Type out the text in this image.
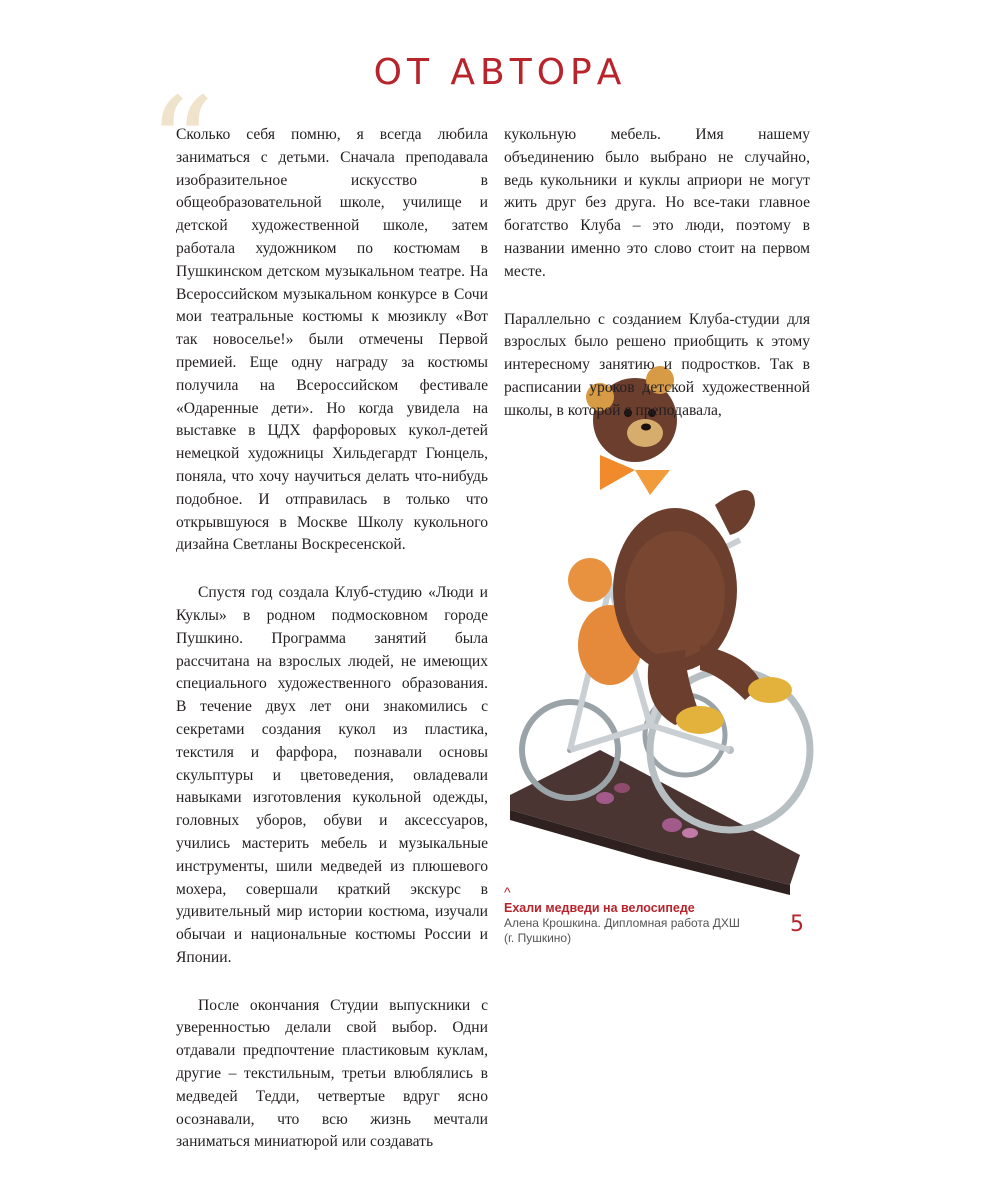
ОТ АВТОРА
“

Сколько себя помню, я всегда любила заниматься с детьми. Сначала преподавала изобразительное искусство в общеобразовательной школе, училище и детской художественной школе, затем работала художником по костюмам в Пушкинском детском музыкальном театре. На Всероссийском музыкальном конкурсе в Сочи мои театральные костюмы к мюзиклу «Вот так новоселье!» были отмечены Первой премией. Еще одну награду за костюмы получила на Всероссийском фестивале «Одаренные дети». Но когда увидела на выставке в ЦДХ фарфоровых кукол-детей немецкой художницы Хильдегардт Гюнцель, поняла, что хочу научиться делать что-нибудь подобное. И отправилась в только что открывшуюся в Москве Школу кукольного дизайна Светланы Воскресенской.

Спустя год создала Клуб-студию «Люди и Куклы» в родном подмосковном городе Пушкино. Программа занятий была рассчитана на взрослых людей, не имеющих специального художественного образования. В течение двух лет они знакомились с секретами создания кукол из пластика, текстиля и фарфора, познавали основы скульптуры и цветоведения, овладевали навыками изготовления кукольной одежды, головных уборов, обуви и аксессуаров, учились мастерить мебель и музыкальные инструменты, шили медведей из плюшевого мохера, совершали краткий экскурс в удивительный мир истории костюма, изучали обычаи и национальные костюмы России и Японии.

После окончания Студии выпускники с уверенностью делали свой выбор. Одни отдавали предпочтение пластиковым куклам, другие – текстильным, третьи влюблялись в медведей Тедди, четвертые вдруг ясно осознавали, что всю жизнь мечтали заниматься миниатюрой или создавать

кукольную мебель. Имя нашему объединению было выбрано не случайно, ведь кукольники и куклы априори не могут жить друг без друга. Но все-таки главное богатство Клуба – это люди, поэтому в названии именно это слово стоит на первом месте.

Параллельно с созданием Клуба-студии для взрослых было решено приобщить к этому интересному занятию и подростков. Так в расписании уроков детской художественной школы, в которой я преподавала,

^
Ехали медведи на велосипеде
Алена Крошкина. Дипломная работа ДХШ (г. Пушкино)
5
